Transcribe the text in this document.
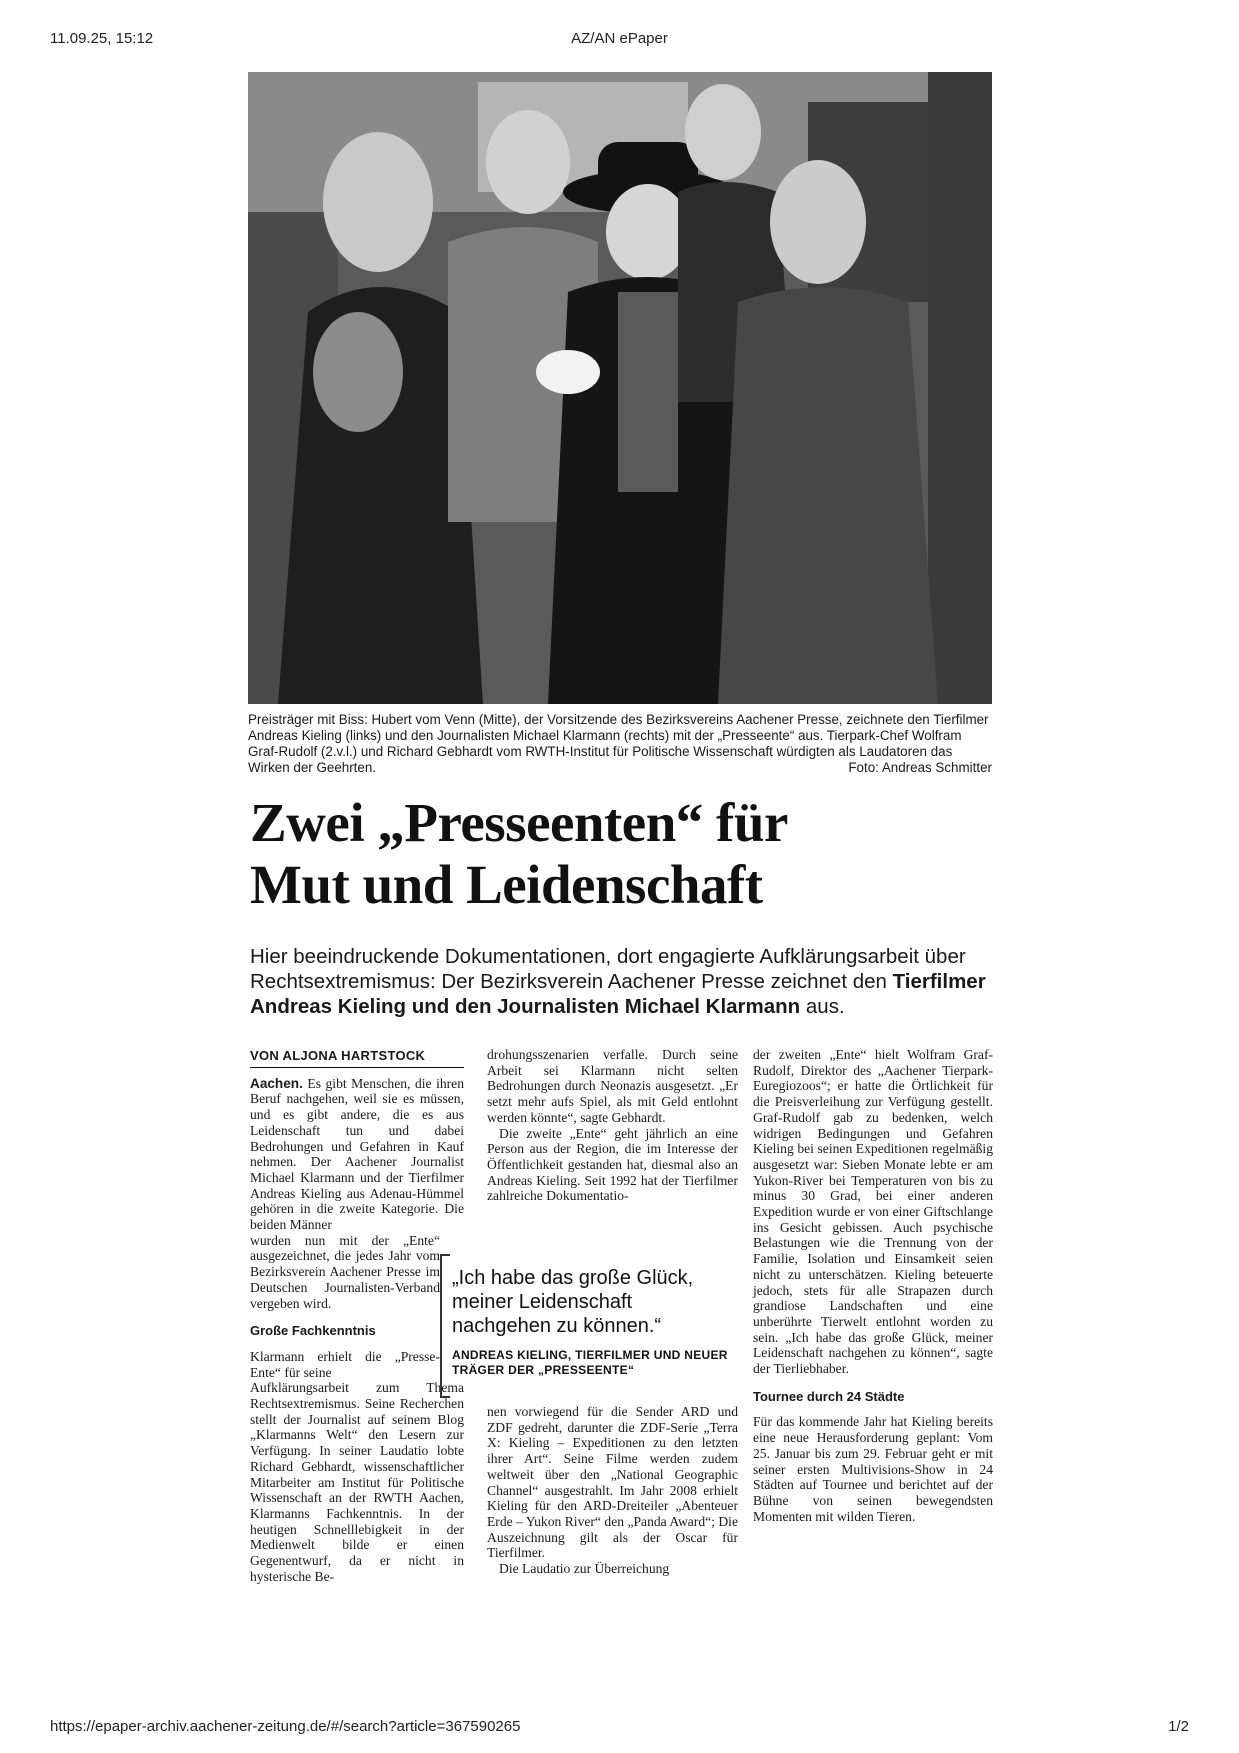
11.09.25, 15:12	AZ/AN ePaper
Preisträger mit Biss: Hubert vom Venn (Mitte), der Vorsitzende des Bezirksvereins Aachener Presse, zeichnete den Tierfilmer Andreas Kieling (links) und den Journalisten Michael Klarmann (rechts) mit der „Presseente“ aus. Tierpark-Chef Wolfram Graf-Rudolf (2.v.l.) und Richard Gebhardt vom RWTH-Institut für Politische Wissenschaft würdigten als Laudatoren das Wirken der Geehrten.	Foto: Andreas Schmitter
Zwei „Presseenten“ für
Mut und Leidenschaft
Hier beeindruckende Dokumentationen, dort engagierte Aufklärungsarbeit über Rechtsextremismus: Der Bezirksverein Aachener Presse zeichnet den Tierfilmer Andreas Kieling und den Journalisten Michael Klarmann aus.
VON ALJONA HARTSTOCK

Aachen. Es gibt Menschen, die ihren Beruf nachgehen, weil sie es müssen, und es gibt andere, die es aus Leidenschaft tun und dabei Bedrohungen und Gefahren in Kauf nehmen. Der Aachener Journalist Michael Klarmann und der Tierfilmer Andreas Kieling aus Adenau-Hümmel gehören in die zweite Kategorie. Die beiden Männer

wurden nun mit der „Ente“ ausgezeichnet, die jedes Jahr vom Bezirksverein Aachener Presse im Deutschen Journalisten-Verband vergeben wird.

Große Fachkenntnis

Klarmann erhielt die „Presse-Ente“ für seine

Aufklärungsarbeit zum Thema Rechtsextremismus. Seine Recherchen stellt der Journalist auf seinem Blog „Klarmanns Welt“ den Lesern zur Verfügung. In seiner Laudatio lobte Richard Gebhardt, wissenschaftlicher Mitarbeiter am Institut für Politische Wissenschaft an der RWTH Aachen, Klarmanns Fachkenntnis. In der heutigen Schnelllebigkeit in der Medienwelt bilde er einen Gegenentwurf, da er nicht in hysterische Be-

drohungsszenarien verfalle. Durch seine Arbeit sei Klarmann nicht selten Bedrohungen durch Neonazis ausgesetzt. „Er setzt mehr aufs Spiel, als mit Geld entlohnt werden könnte“, sagte Gebhardt.

Die zweite „Ente“ geht jährlich an eine Person aus der Region, die im Interesse der Öffentlichkeit gestanden hat, diesmal also an Andreas Kieling. Seit 1992 hat der Tierfilmer zahlreiche Dokumentatio-

nen vorwiegend für die Sender ARD und ZDF gedreht, darunter die ZDF-Serie „Terra X: Kieling – Expeditionen zu den letzten ihrer Art“. Seine Filme werden zudem weltweit über den „National Geographic Channel“ ausgestrahlt. Im Jahr 2008 erhielt Kieling für den ARD-Dreiteiler „Abenteuer Erde – Yukon River“ den „Panda Award“; Die Auszeichnung gilt als der Oscar für Tierfilmer.

Die Laudatio zur Überreichung

der zweiten „Ente“ hielt Wolfram Graf-Rudolf, Direktor des „Aachener Tierpark-Euregiozoos“; er hatte die Örtlichkeit für die Preisverleihung zur Verfügung gestellt. Graf-Rudolf gab zu bedenken, welch widrigen Bedingungen und Gefahren Kieling bei seinen Expeditionen regelmäßig ausgesetzt war: Sieben Monate lebte er am Yukon-River bei Temperaturen von bis zu minus 30 Grad, bei einer anderen Expedition wurde er von einer Giftschlange ins Gesicht gebissen. Auch psychische Belastungen wie die Trennung von der Familie, Isolation und Einsamkeit seien nicht zu unterschätzen. Kieling beteuerte jedoch, stets für alle Strapazen durch grandiose Landschaften und eine unberührte Tierwelt entlohnt worden zu sein. „Ich habe das große Glück, meiner Leidenschaft nachgehen zu können“, sagte der Tierliebhaber.

Tournee durch 24 Städte

Für das kommende Jahr hat Kieling bereits eine neue Herausforderung geplant: Vom 25. Januar bis zum 29. Februar geht er mit seiner ersten Multivisions-Show in 24 Städten auf Tournee und berichtet auf der Bühne von seinen bewegendsten Momenten mit wilden Tieren.

„Ich habe das große Glück, meiner Leidenschaft nachgehen zu können.“
ANDREAS KIELING, TIERFILMER UND NEUER TRÄGER DER „PRESSEENTE“
https://epaper-archiv.aachener-zeitung.de/#/search?article=367590265	1/2
